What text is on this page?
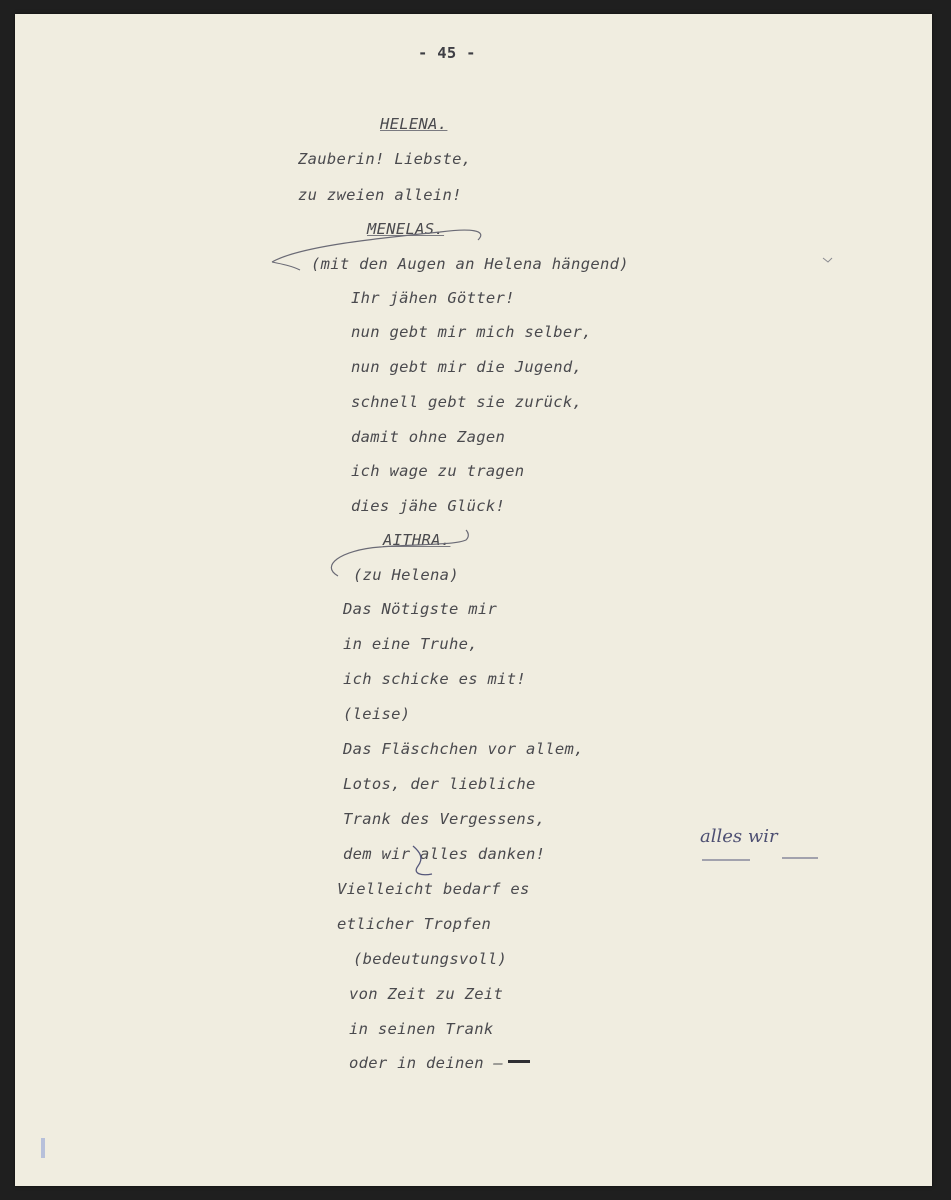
- 45 -
HELENA.
Zauberin! Liebste,
zu zweien allein!
MENELAS.
(mit den Augen an Helena hängend)
Ihr jähen Götter!
nun gebt mir mich selber,
nun gebt mir die Jugend,
schnell gebt sie zurück,
damit ohne Zagen
ich wage zu tragen
dies jähe Glück!
AITHRA.
(zu Helena)
Das Nötigste mir
in eine Truhe,
ich schicke es mit!
(leise)
Das Fläschchen vor allem,
Lotos, der liebliche
Trank des Vergessens,
dem wir alles danken!
Vielleicht bedarf es
etlicher Tropfen
(bedeutungsvoll)
von Zeit zu Zeit
in seinen Trank
oder in deinen —
alles wir
